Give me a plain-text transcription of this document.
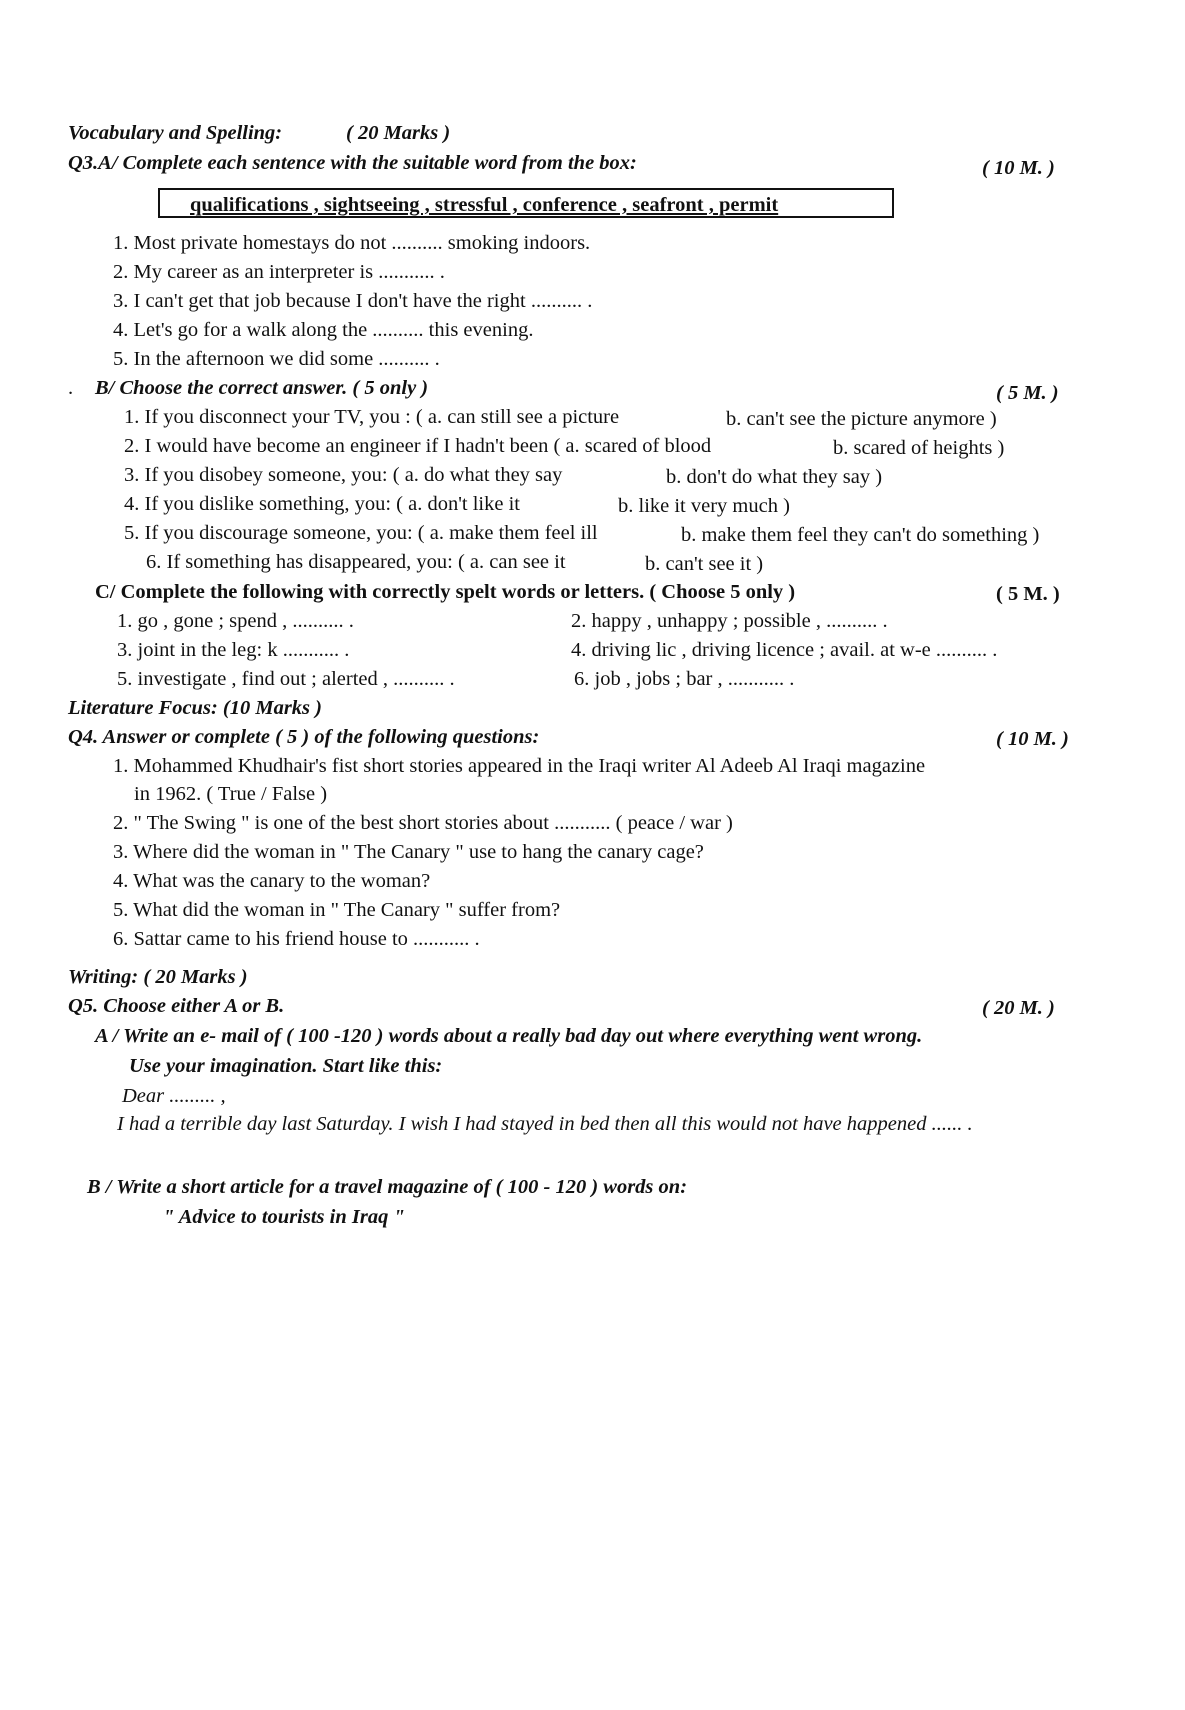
Vocabulary and Spelling:	( 20 Marks )
Q3.A/ Complete each sentence with the suitable word from the box:	( 10 M. )
qualifications , sightseeing , stressful , conference , seafront , permit
1. Most private homestays do not .......... smoking indoors.
2. My career as an interpreter is ........... .
3. I can't get that job because I don't have the right .......... .
4. Let's go for a walk along the .......... this evening.
5. In the afternoon we did some .......... .
. B/ Choose the correct answer. ( 5 only )	( 5 M. )
1. If you disconnect your TV, you : ( a. can still see a picture	b. can't see the picture anymore )
2. I would have become an engineer if I hadn't been ( a. scared of blood	b. scared of heights )
3. If you disobey someone, you: ( a. do what they say	b. don't do what they say )
4. If you dislike something, you: ( a. don't like it	b. like it very much )
5. If you discourage someone, you: ( a. make them feel ill	b. make them feel they can't do something )
6. If something has disappeared, you: ( a. can see it	b. can't see it )
C/ Complete the following with correctly spelt words or letters. ( Choose 5 only )	( 5 M. )
1. go , gone ; spend , .......... .	2. happy , unhappy ; possible , .......... .
3. joint in the leg: k ........... .	4. driving lic , driving licence ; avail. at w-e .......... .
5. investigate , find out ; alerted , .......... .	6. job , jobs ; bar , ........... .
Literature Focus: (10 Marks )
Q4. Answer or complete ( 5 ) of the following questions:	( 10 M. )
1. Mohammed Khudhair's fist short stories appeared in the Iraqi writer Al Adeeb Al Iraqi magazine
in 1962. ( True / False )
2. " The Swing " is one of the best short stories about ........... ( peace / war )
3. Where did the woman in " The Canary " use to hang the canary cage?
4. What was the canary to the woman?
5. What did the woman in " The Canary " suffer from?
6. Sattar came to his friend house to ........... .
Writing: ( 20 Marks )
Q5. Choose either A or B.	( 20 M. )
A / Write an e- mail of ( 100 -120 ) words about a really bad day out where everything went wrong.
Use your imagination. Start like this:
Dear ......... ,
I had a terrible day last Saturday. I wish I had stayed in bed then all this would not have happened ...... .
B / Write a short article for a travel magazine of ( 100 - 120 ) words on:
" Advice to tourists in Iraq "
